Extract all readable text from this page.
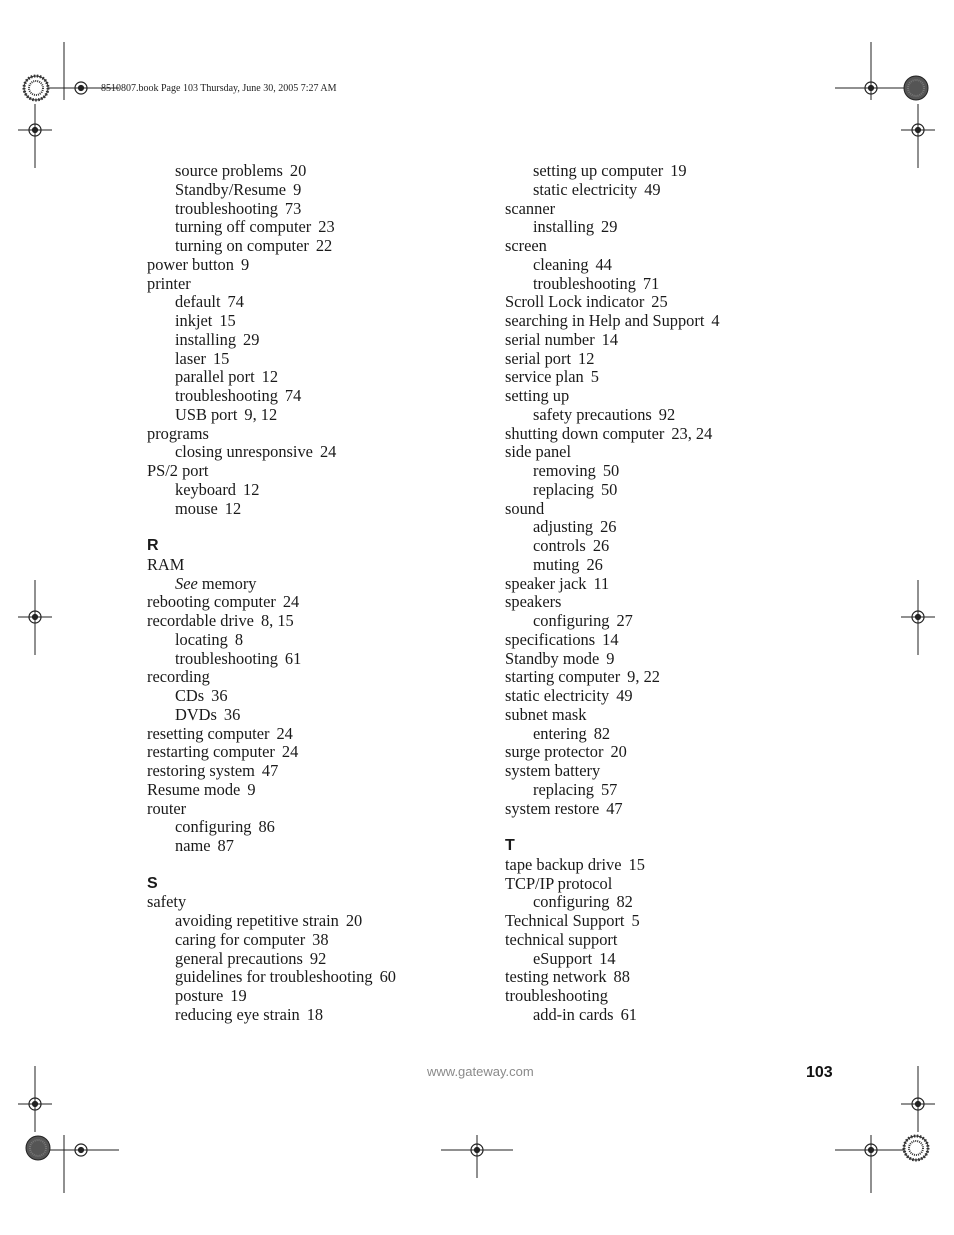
8510807.book Page 103 Thursday, June 30, 2005 7:27 AM
source problems 20
Standby/Resume 9
troubleshooting 73
turning off computer 23
turning on computer 22
power button 9
printer
default 74
inkjet 15
installing 29
laser 15
parallel port 12
troubleshooting 74
USB port 9, 12
programs
closing unresponsive 24
PS/2 port
keyboard 12
mouse 12
R
RAM
See memory
rebooting computer 24
recordable drive 8, 15
locating 8
troubleshooting 61
recording
CDs 36
DVDs 36
resetting computer 24
restarting computer 24
restoring system 47
Resume mode 9
router
configuring 86
name 87
S
safety
avoiding repetitive strain 20
caring for computer 38
general precautions 92
guidelines for troubleshooting 60
posture 19
reducing eye strain 18
setting up computer 19
static electricity 49
scanner
installing 29
screen
cleaning 44
troubleshooting 71
Scroll Lock indicator 25
searching in Help and Support 4
serial number 14
serial port 12
service plan 5
setting up
safety precautions 92
shutting down computer 23, 24
side panel
removing 50
replacing 50
sound
adjusting 26
controls 26
muting 26
speaker jack 11
speakers
configuring 27
specifications 14
Standby mode 9
starting computer 9, 22
static electricity 49
subnet mask
entering 82
surge protector 20
system battery
replacing 57
system restore 47
T
tape backup drive 15
TCP/IP protocol
configuring 82
Technical Support 5
technical support
eSupport 14
testing network 88
troubleshooting
add-in cards 61
www.gateway.com	103
